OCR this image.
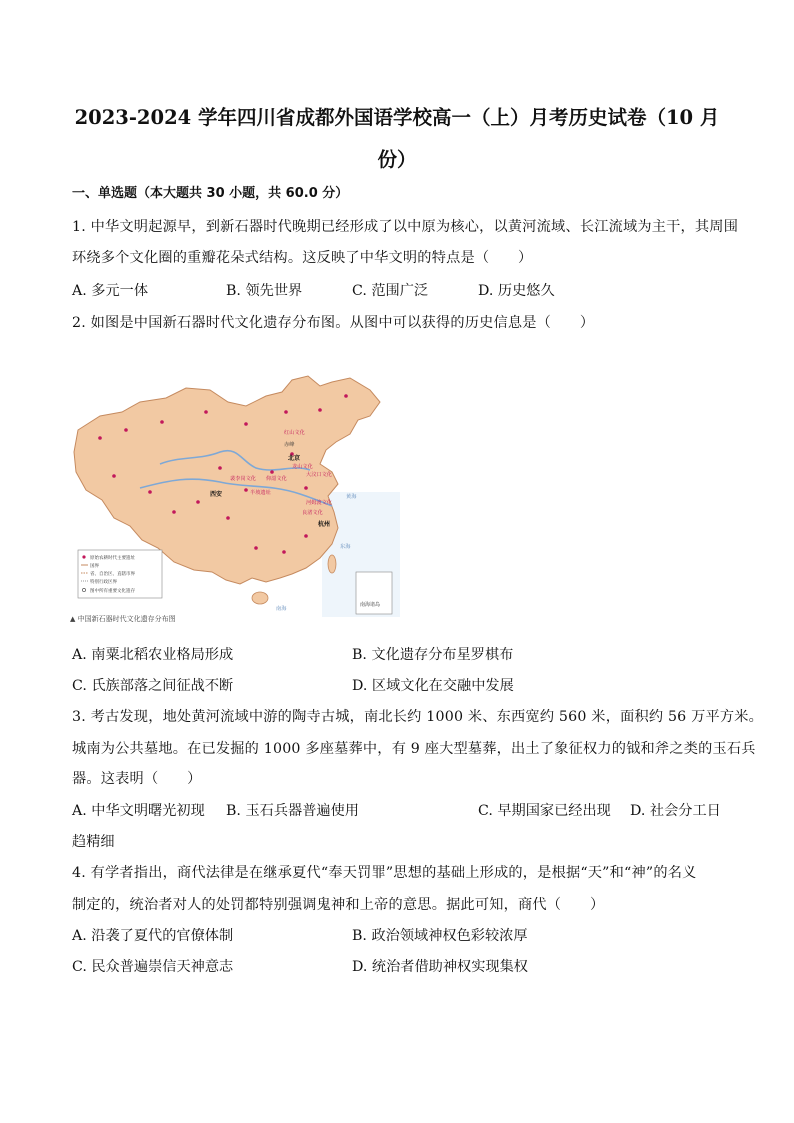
2023-2024 学年四川省成都外国语学校高一（上）月考历史试卷（10 月
份）
一、单选题（本大题共 30 小题，共 60.0 分）
1. 中华文明起源早，到新石器时代晚期已经形成了以中原为核心，以黄河流域、长江流域为主干，其周围
环绕多个文化圈的重瓣花朵式结构。这反映了中华文明的特点是（　　）
A. 多元一体	B. 领先世界	C. 范围广泛	D. 历史悠久
2. 如图是中国新石器时代文化遗存分布图。从图中可以获得的历史信息是（　　）
原始农耕时代主要遗址
国界
省、自治区、直辖市界
特别行政区界
图中所有重要文化遗存
南海诸岛
红山文化
赤峰
北京
大汶口文化
龙山文化
裴李岗文化 仰韶文化
西安	半坡遗址
河姆渡文化
良渚文化
杭州
南海
东海
黄海
▲ 中国新石器时代文化遗存分布图
A. 南粟北稻农业格局形成	B. 文化遗存分布星罗棋布
C. 氏族部落之间征战不断	D. 区域文化在交融中发展
3. 考古发现，地处黄河流域中游的陶寺古城，南北长约 1000 米、东西宽约 560 米，面积约 56 万平方米。
城南为公共墓地。在已发掘的 1000 多座墓葬中，有 9 座大型墓葬，出土了象征权力的钺和斧之类的玉石兵
器。这表明（　　）
A. 中华文明曙光初现 B. 玉石兵器普遍使用	C. 早期国家已经出现 D. 社会分工日
趋精细
4. 有学者指出，商代法律是在继承夏代“奉天罚罪”思想的基础上形成的，是根据“天”和“神”的名义
制定的，统治者对人的处罚都特别强调鬼神和上帝的意思。据此可知，商代（　　）
A. 沿袭了夏代的官僚体制	B. 政治领域神权色彩较浓厚
C. 民众普遍崇信天神意志	D. 统治者借助神权实现集权
